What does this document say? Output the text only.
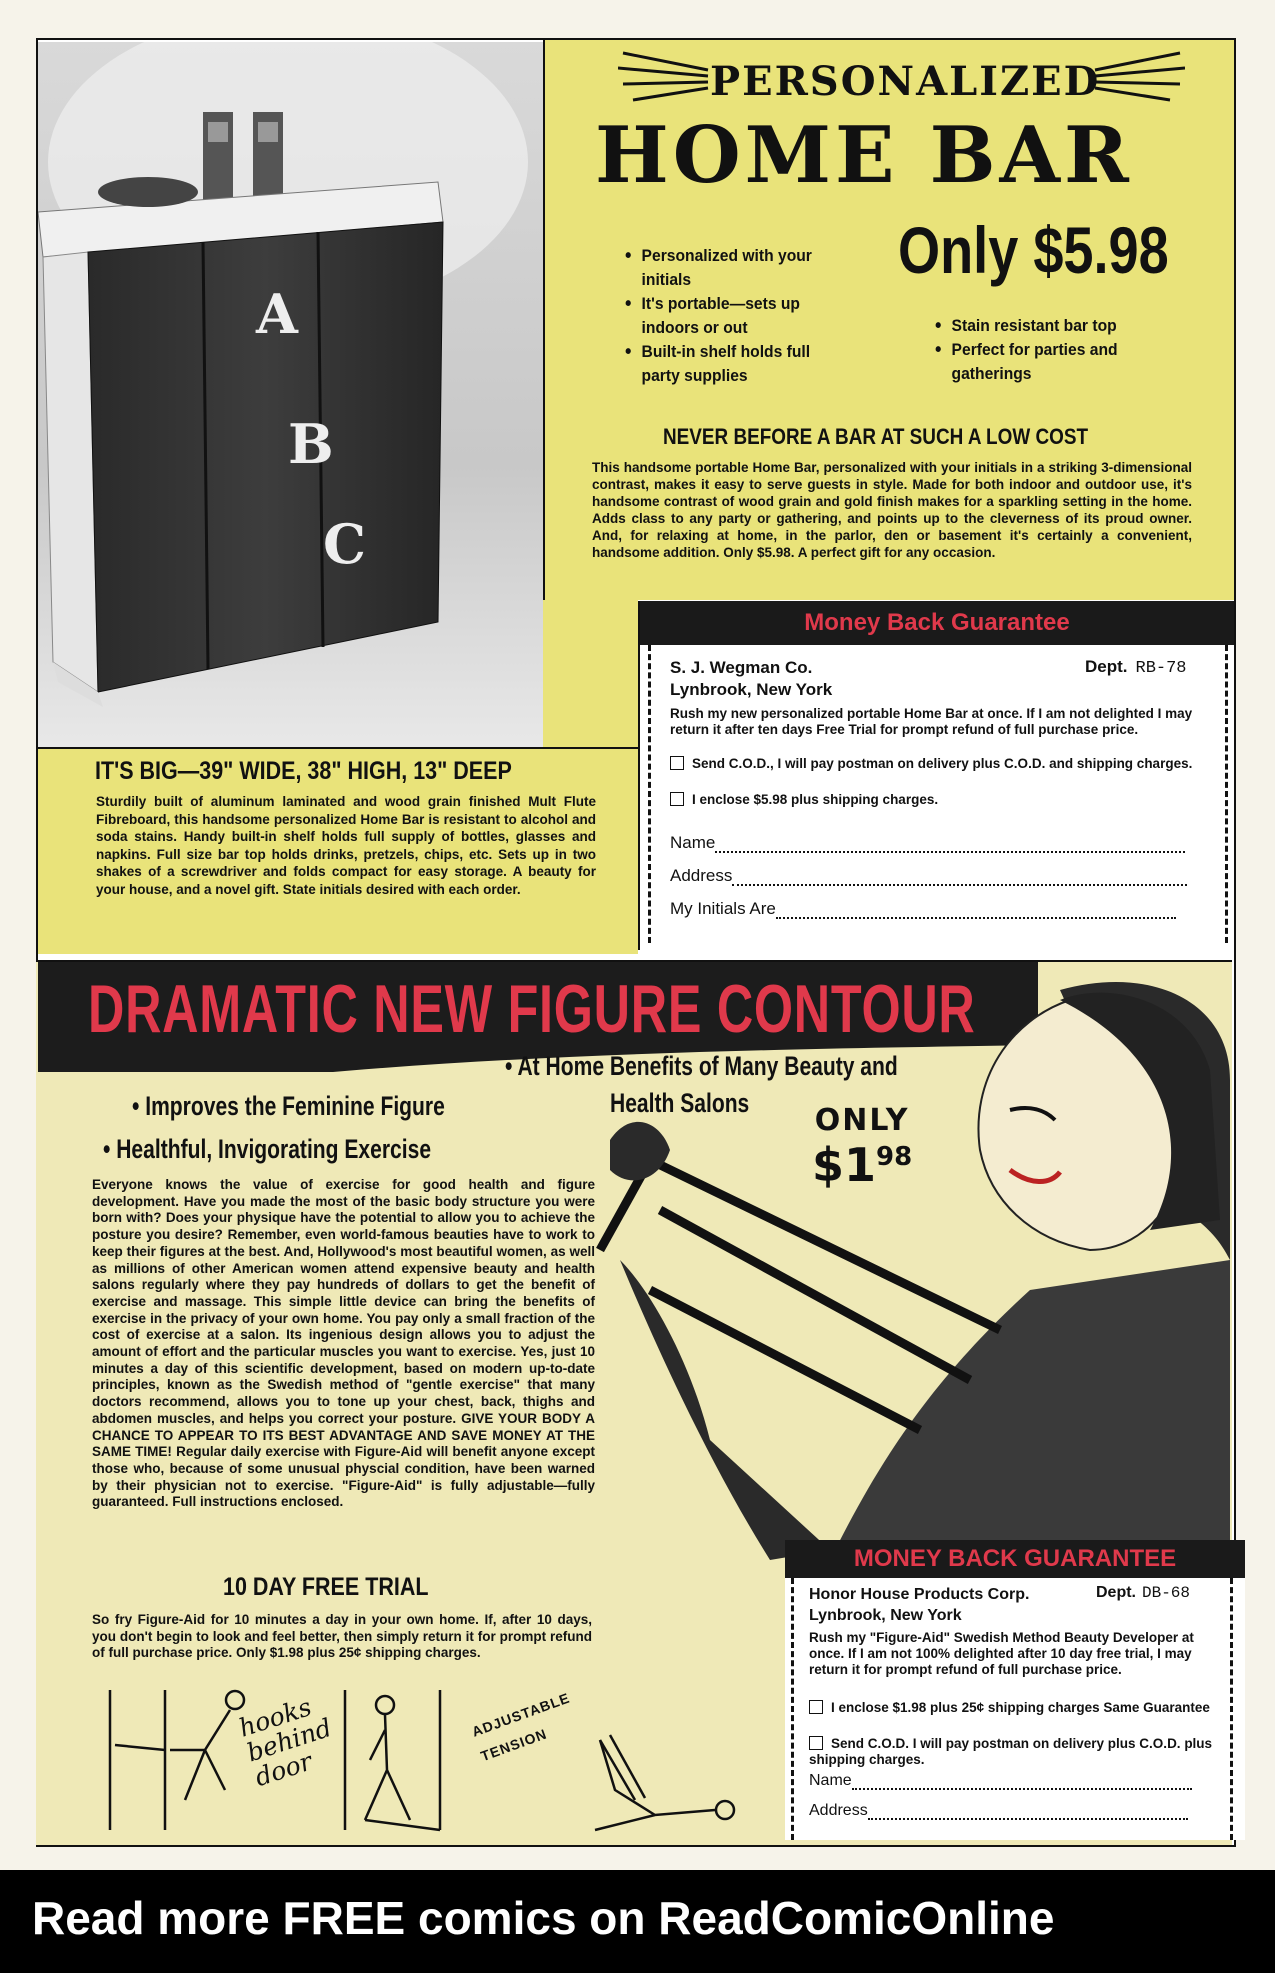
A
B
C
PERSONALIZED
HOME BAR
Only $5.98
• Personalized with your initials
• It's portable—sets up indoors or out
• Built-in shelf holds full party supplies
• Stain resistant bar top
• Perfect for parties and gatherings
NEVER BEFORE A BAR AT SUCH A LOW COST
This handsome portable Home Bar, personalized with your initials in a striking 3-dimensional contrast, makes it easy to serve guests in style. Made for both indoor and outdoor use, it's handsome contrast of wood grain and gold finish makes for a sparkling setting in the home. Adds class to any party or gathering, and points up to the cleverness of its proud owner. And, for relaxing at home, in the parlor, den or basement it's certainly a convenient, handsome addition. Only $5.98. A perfect gift for any occasion.
IT'S BIG—39" WIDE, 38" HIGH, 13" DEEP
Sturdily built of aluminum laminated and wood grain finished Mult Flute Fibreboard, this handsome personalized Home Bar is resistant to alcohol and soda stains. Handy built-in shelf holds full supply of bottles, glasses and napkins. Full size bar top holds drinks, pretzels, chips, etc. Sets up in two shakes of a screwdriver and folds compact for easy storage. A beauty for your house, and a novel gift. State initials desired with each order.
Money Back Guarantee
S. J. Wegman Co.
Lynbrook, New York
Dept. RB-78
Rush my new personalized portable Home Bar at once. If I am not delighted I may return it after ten days Free Trial for prompt refund of full purchase price.
Send C.O.D., I will pay postman on delivery plus C.O.D. and shipping charges.
I enclose $5.98 plus shipping charges.
Name
Address
My Initials Are
DRAMATIC NEW FIGURE CONTOUR
• At Home Benefits of Many Beauty and
Health Salons
• Improves the Feminine Figure
• Healthful, Invigorating Exercise
ONLY
$\$1^{98}$
Everyone knows the value of exercise for good health and figure development. Have you made the most of the basic body structure you were born with? Does your physique have the potential to allow you to achieve the posture you desire? Remember, even world-famous beauties have to work to keep their figures at the best. And, Hollywood's most beautiful women, as well as millions of other American women attend expensive beauty and health salons regularly where they pay hundreds of dollars to get the benefit of exercise and massage. This simple little device can bring the benefits of exercise in the privacy of your own home. You pay only a small fraction of the cost of exercise at a salon. Its ingenious design allows you to adjust the amount of effort and the particular muscles you want to exercise. Yes, just 10 minutes a day of this scientific development, based on modern up-to-date principles, known as the Swedish method of "gentle exercise" that many doctors recommend, allows you to tone up your chest, back, thighs and abdomen muscles, and helps you correct your posture. GIVE YOUR BODY A CHANCE TO APPEAR TO ITS BEST ADVANTAGE AND SAVE MONEY AT THE SAME TIME! Regular daily exercise with Figure-Aid will benefit anyone except those who, because of some unusual physcial condition, have been warned by their physician not to exercise. "Figure-Aid" is fully adjustable—fully guaranteed. Full instructions enclosed.
10 DAY FREE TRIAL
So fry Figure-Aid for 10 minutes a day in your own home. If, after 10 days, you don't begin to look and feel better, then simply return it for prompt refund of full purchase price. Only $1.98 plus 25¢ shipping charges.
hooks behind door
ADJUSTABLE TENSION
MONEY BACK GUARANTEE
Honor House Products Corp.
Lynbrook, New York
Dept. DB-68
Rush my "Figure-Aid" Swedish Method Beauty Developer at once. If I am not 100% delighted after 10 day free trial, I may return it for prompt refund of full purchase price.
I enclose $1.98 plus 25¢ shipping charges Same Guarantee
Send C.O.D. I will pay postman on delivery plus C.O.D. plus shipping charges.
Name
Address
Read more FREE comics on ReadComicOnline
